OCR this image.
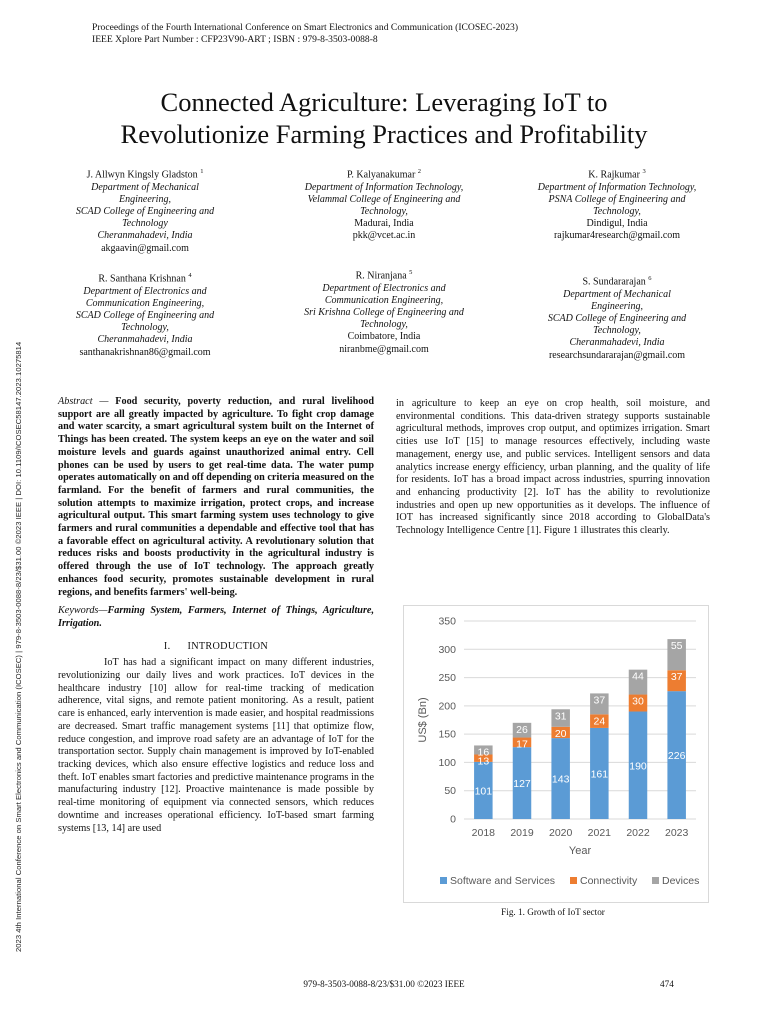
2023 4th International Conference on Smart Electronics and Communication (ICOSEC) | 979-8-3503-0088-8/23/$31.00 ©2023 IEEE | DOI: 10.1109/ICOSEC58147.2023.10275814
Proceedings of the Fourth International Conference on Smart Electronics and Communication (ICOSEC-2023)
IEEE Xplore Part Number : CFP23V90-ART ; ISBN : 979-8-3503-0088-8
Connected Agriculture: Leveraging IoT to
Revolutionize Farming Practices and Profitability
J. Allwyn Kingsly Gladston $^1$
Department of Mechanical
Engineering,
SCAD College of Engineering and
Technology
Cheranmahadevi, India
akgaavin@gmail.com
P. Kalyanakumar $^2$
Department of Information Technology,
Velammal College of Engineering and
Technology,
Madurai, India
pkk@vcet.ac.in
K. Rajkumar $^3$
Department of Information Technology,
PSNA College of Engineering and
Technology,
Dindigul, India
rajkumar4research@gmail.com
R. Santhana Krishnan $^4$
Department of Electronics and
Communication Engineering,
SCAD College of Engineering and
Technology,
Cheranmahadevi, India
santhanakrishnan86@gmail.com
R. Niranjana $^5$
Department of Electronics and
Communication Engineering,
Sri Krishna College of Engineering and
Technology,
Coimbatore, India
niranbme@gmail.com
S. Sundararajan $^6$
Department of Mechanical
Engineering,
SCAD College of Engineering and
Technology,
Cheranmahadevi, India
researchsundararajan@gmail.com

Abstract — Food security, poverty reduction, and rural livelihood support are all greatly impacted by agriculture. To fight crop damage and water scarcity, a smart agricultural system built on the Internet of Things has been created. The system keeps an eye on the water and soil moisture levels and guards against unauthorized animal entry. Cell phones can be used by users to get real-time data. The water pump operates automatically on and off depending on criteria measured on the farmland. For the benefit of farmers and rural communities, the solution attempts to maximize irrigation, protect crops, and increase agricultural output. This smart farming system uses technology to give farmers and rural communities a dependable and effective tool that has a favorable effect on agricultural activity. A revolutionary solution that reduces risks and boosts productivity in the agricultural industry is offered through the use of IoT technology. The approach greatly enhances food security, promotes sustainable development in rural regions, and benefits farmers' well-being.

Keywords—Farming System, Farmers, Internet of Things, Agriculture, Irrigation.

I. INTRODUCTION

IoT has had a significant impact on many different industries, revolutionizing our daily lives and work practices. IoT devices in the healthcare industry [10] allow for real-time tracking of medication adherence, vital signs, and remote patient monitoring. As a result, patient care is enhanced, early intervention is made easier, and hospital readmissions are decreased. Smart traffic management systems [11] that optimize flow, reduce congestion, and improve road safety are an advantage of IoT for the transportation sector. Supply chain management is improved by IoT-enabled tracking devices, which also ensure effective logistics and reduce loss and theft. IoT enables smart factories and predictive maintenance programs in the manufacturing industry [12]. Proactive maintenance is made possible by real-time monitoring of equipment via connected sensors, which reduces downtime and increases operational efficiency. IoT-based smart farming systems [13, 14] are used

in agriculture to keep an eye on crop health, soil moisture, and environmental conditions. This data-driven strategy supports sustainable agricultural methods, improves crop output, and optimizes irrigation. Smart cities use IoT [15] to manage resources effectively, including waste management, energy use, and public services. Intelligent sensors and data analytics increase energy efficiency, urban planning, and the quality of life for residents. IoT has a broad impact across industries, spurring innovation and enhancing productivity [2]. IoT has the ability to revolutionize industries and open up new opportunities as it develops. The influence of IOT has increased significantly since 2018 according to GlobalData's Technology Intelligence Centre [1]. Figure 1 illustrates this clearly.

0
50
100
150
200
250
300
350
US$ (Bn)
101
13
16
2018
127
17
26
2019
143
20
31
2020
161
24
37
2021
190
30
44
2022
226
37
55
2023
Year
Software and Services Connectivity Devices
Fig. 1. Growth of IoT sector
979-8-3503-0088-8/23/$31.00 ©2023 IEEE	474
